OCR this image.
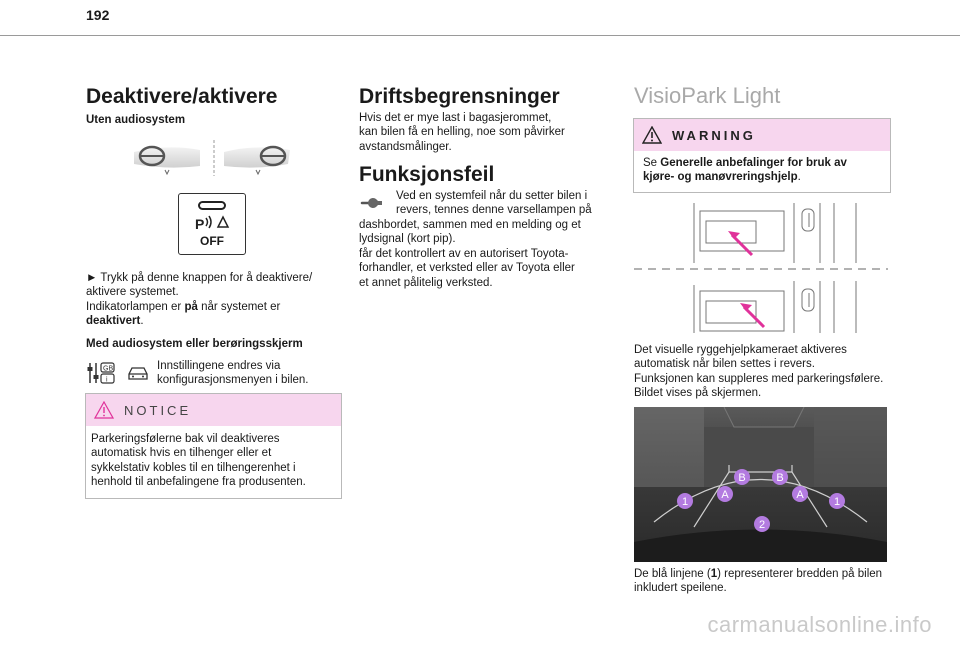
192
Deaktivere/aktivere
Uten audiosystem
P
OFF
► Trykk på denne knappen for å deaktivere/
aktivere systemet.
Indikatorlampen er på når systemet er
deaktivert.
Med audiosystem eller berøringsskjerm
GB
i
Innstillingene endres via
konfigurasjonsmenyen i bilen.
NOTICE
Parkeringsfølerne bak vil deaktiveres
automatisk hvis en tilhenger eller et
sykkelstativ kobles til en tilhengerenhet i
henhold til anbefalingene fra produsenten.
Driftsbegrensninger
Hvis det er mye last i bagasjerommet,
kan bilen få en helling, noe som påvirker
avstandsmålinger.
Funksjonsfeil
Ved en systemfeil når du setter bilen i
revers, tennes denne varsellampen på
dashbordet, sammen med en melding og et
lydsignal (kort pip).
får det kontrollert av en autorisert Toyota-
forhandler, et verksted eller av Toyota eller
et annet pålitelig verksted.
VisioPark Light
WARNING
Se Generelle anbefalinger for bruk av
kjøre- og manøvreringshjelp.
Det visuelle ryggehjelpkameraet aktiveres
automatisk når bilen settes i revers.
Funksjonen kan suppleres med parkeringsfølere.
Bildet vises på skjermen.
B	B
A	A
1	1
2
De blå linjene (1) representerer bredden på bilen
inkludert speilene.
carmanualsonline.info
